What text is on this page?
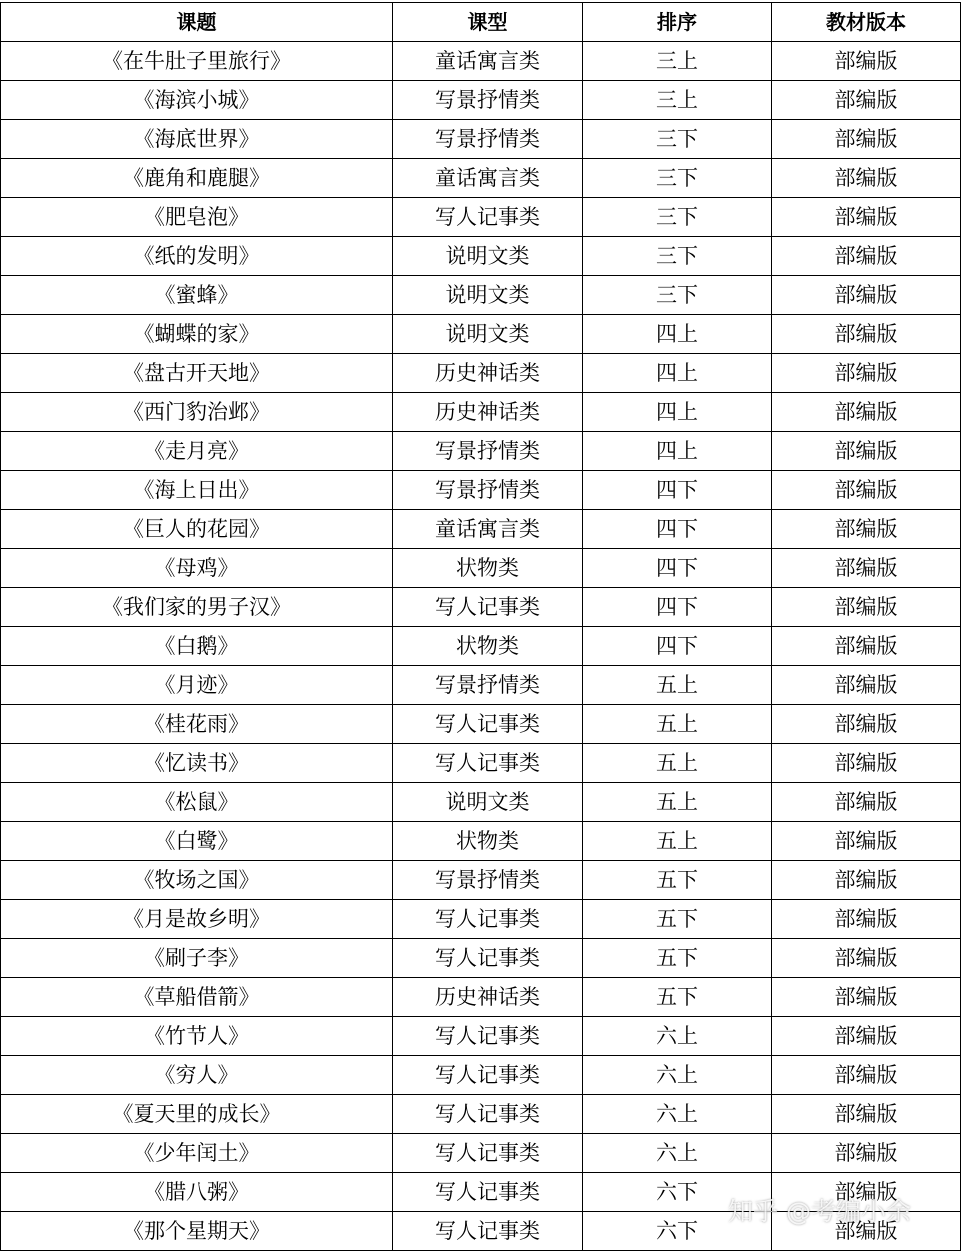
课题	课型	排序	教材版本
《在牛肚子里旅行》	童话寓言类	三上	部编版
《海滨小城》	写景抒情类	三上	部编版
《海底世界》	写景抒情类	三下	部编版
《鹿角和鹿腿》	童话寓言类	三下	部编版
《肥皂泡》	写人记事类	三下	部编版
《纸的发明》	说明文类	三下	部编版
《蜜蜂》	说明文类	三下	部编版
《蝴蝶的家》	说明文类	四上	部编版
《盘古开天地》	历史神话类	四上	部编版
《西门豹治邺》	历史神话类	四上	部编版
《走月亮》	写景抒情类	四上	部编版
《海上日出》	写景抒情类	四下	部编版
《巨人的花园》	童话寓言类	四下	部编版
《母鸡》	状物类	四下	部编版
《我们家的男子汉》	写人记事类	四下	部编版
《白鹅》	状物类	四下	部编版
《月迹》	写景抒情类	五上	部编版
《桂花雨》	写人记事类	五上	部编版
《忆读书》	写人记事类	五上	部编版
《松鼠》	说明文类	五上	部编版
《白鹭》	状物类	五上	部编版
《牧场之国》	写景抒情类	五下	部编版
《月是故乡明》	写人记事类	五下	部编版
《刷子李》	写人记事类	五下	部编版
《草船借箭》	历史神话类	五下	部编版
《竹节人》	写人记事类	六上	部编版
《穷人》	写人记事类	六上	部编版
《夏天里的成长》	写人记事类	六上	部编版
《少年闰土》	写人记事类	六上	部编版
《腊八粥》	写人记事类	六下	部编版
《那个星期天》	写人记事类	六下	部编版
知乎 @考编小余
